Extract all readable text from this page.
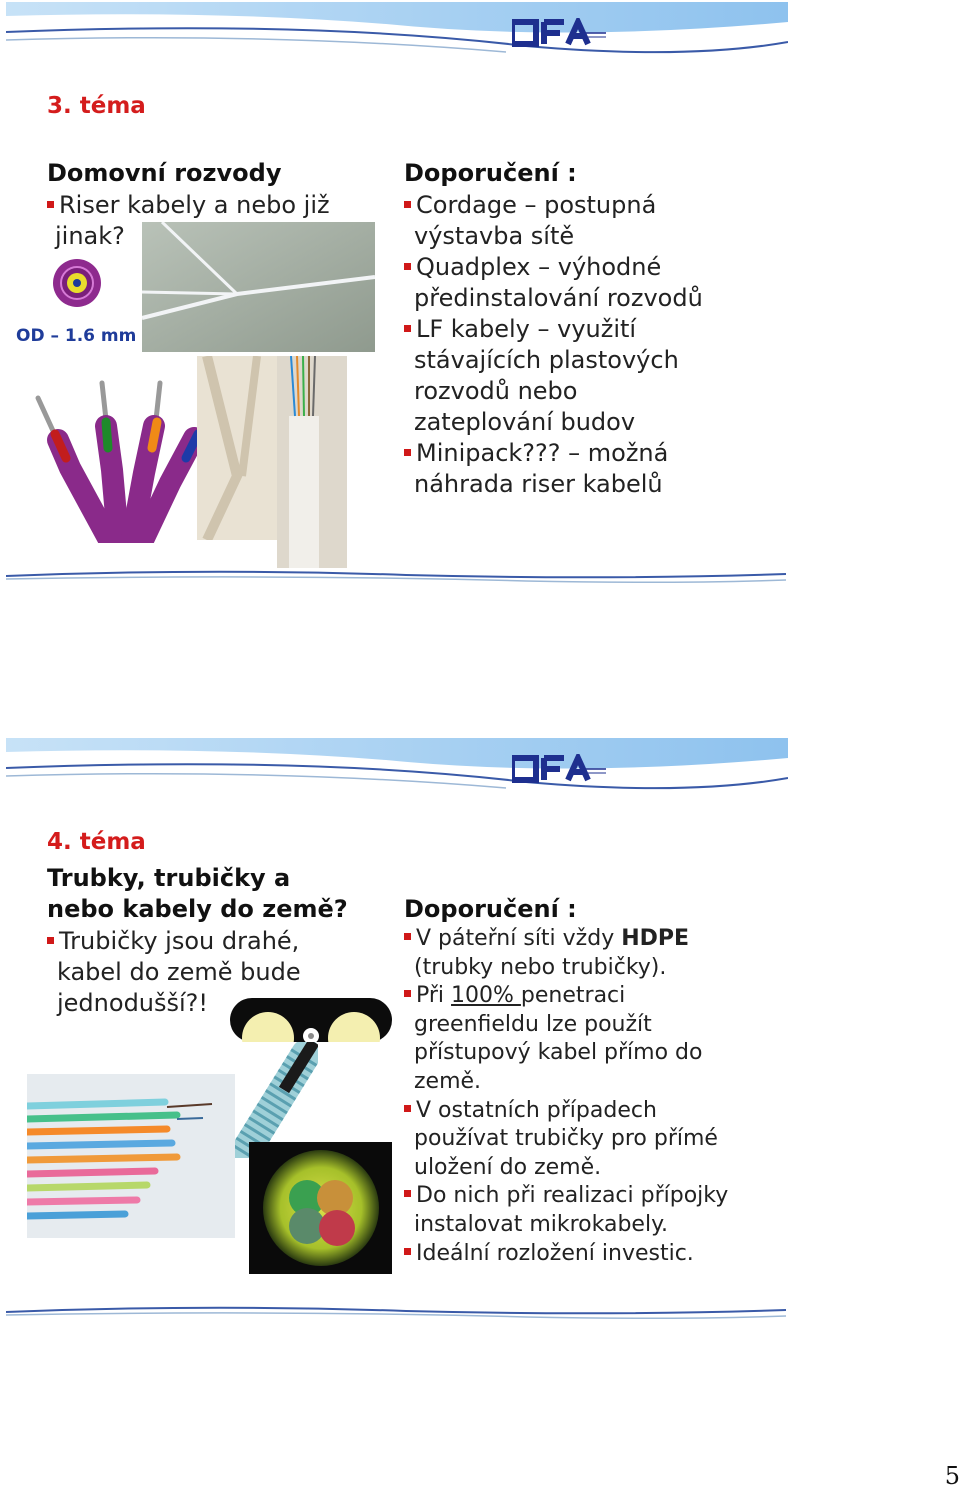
3. téma
Domovní rozvody
Riser kabely a nebo již
jinak?
OD – 1.6 mm
Doporučení :
Cordage – postupná
výstavba sítě
Quadplex – výhodné
předinstalování rozvodů
LF kabely – využití
stávajících plastových
rozvodů nebo
zateplování budov
Minipack??? – možná
náhrada riser kabelů
4. téma
Trubky, trubičky a
nebo kabely do země?
Trubičky jsou drahé,
kabel do země bude
jednodušší?!
Doporučení :
V páteřní síti vždy HDPE
(trubky nebo trubičky).
Při 100% penetraci
greenfieldu lze použít
přístupový kabel přímo do
země.
V ostatních případech
používat trubičky pro přímé
uložení do země.
Do nich při realizaci přípojky
instalovat mikrokabely.
Ideální rozložení investic.
5
